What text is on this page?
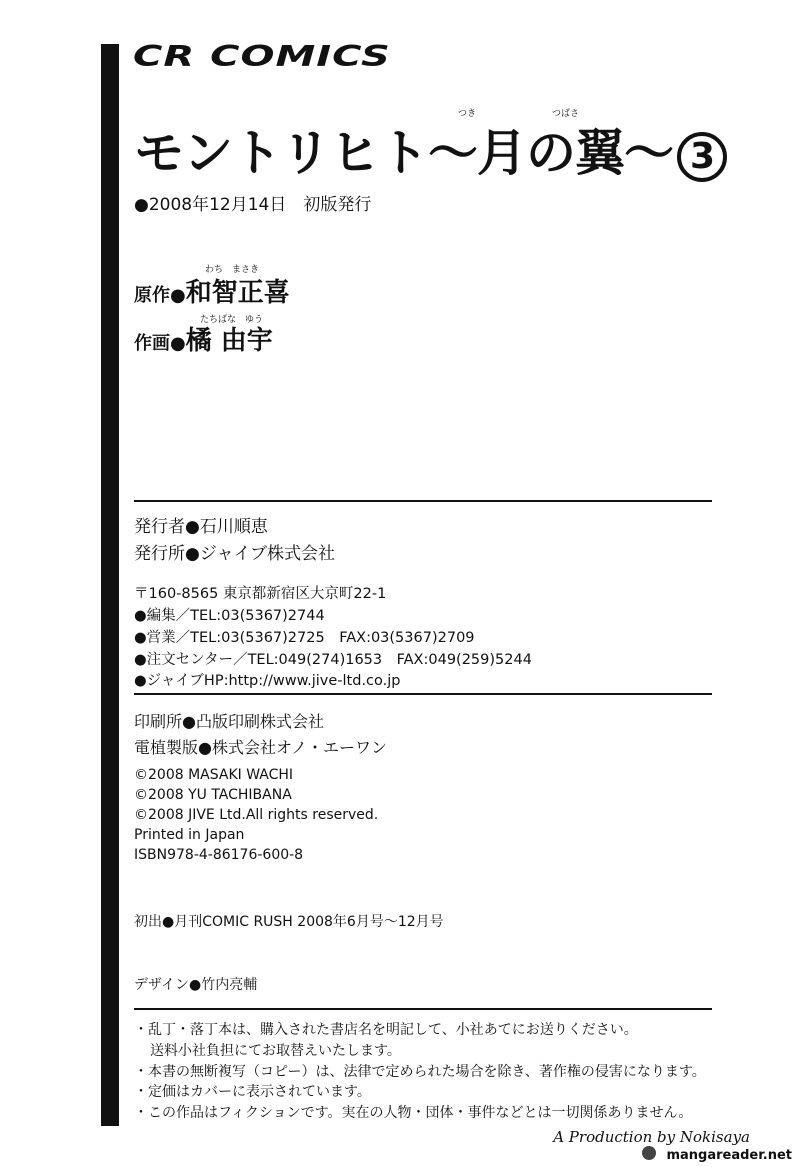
CR COMICS
モントリヒト〜月の翼〜 3
つき	つばさ
●2008年12月14日　初版発行
わち　まさき
原作●和智正喜
たちばな　ゆう
作画●橘 由宇
発行者●石川順恵
発行所●ジャイブ株式会社
〒160-8565 東京都新宿区大京町22-1
●編集／TEL:03(5367)2744
●営業／TEL:03(5367)2725　FAX:03(5367)2709
●注文センター／TEL:049(274)1653　FAX:049(259)5244
●ジャイブHP:http://www.jive-ltd.co.jp
印刷所●凸版印刷株式会社
電植製版●株式会社オノ・エーワン
©2008 MASAKI WACHI
©2008 YU TACHIBANA
©2008 JIVE Ltd.All rights reserved.
Printed in Japan
ISBN978-4-86176-600-8
初出●月刊COMIC RUSH 2008年6月号〜12月号
デザイン●竹内亮輔
・乱丁・落丁本は、購入された書店名を明記して、小社あてにお送りください。
送料小社負担にてお取替えいたします。
・本書の無断複写（コピー）は、法律で定められた場合を除き、著作権の侵害になります。
・定価はカバーに表示されています。
・この作品はフィクションです。実在の人物・団体・事件などとは一切関係ありません。
A Production by Nokisaya
mangareader.net
